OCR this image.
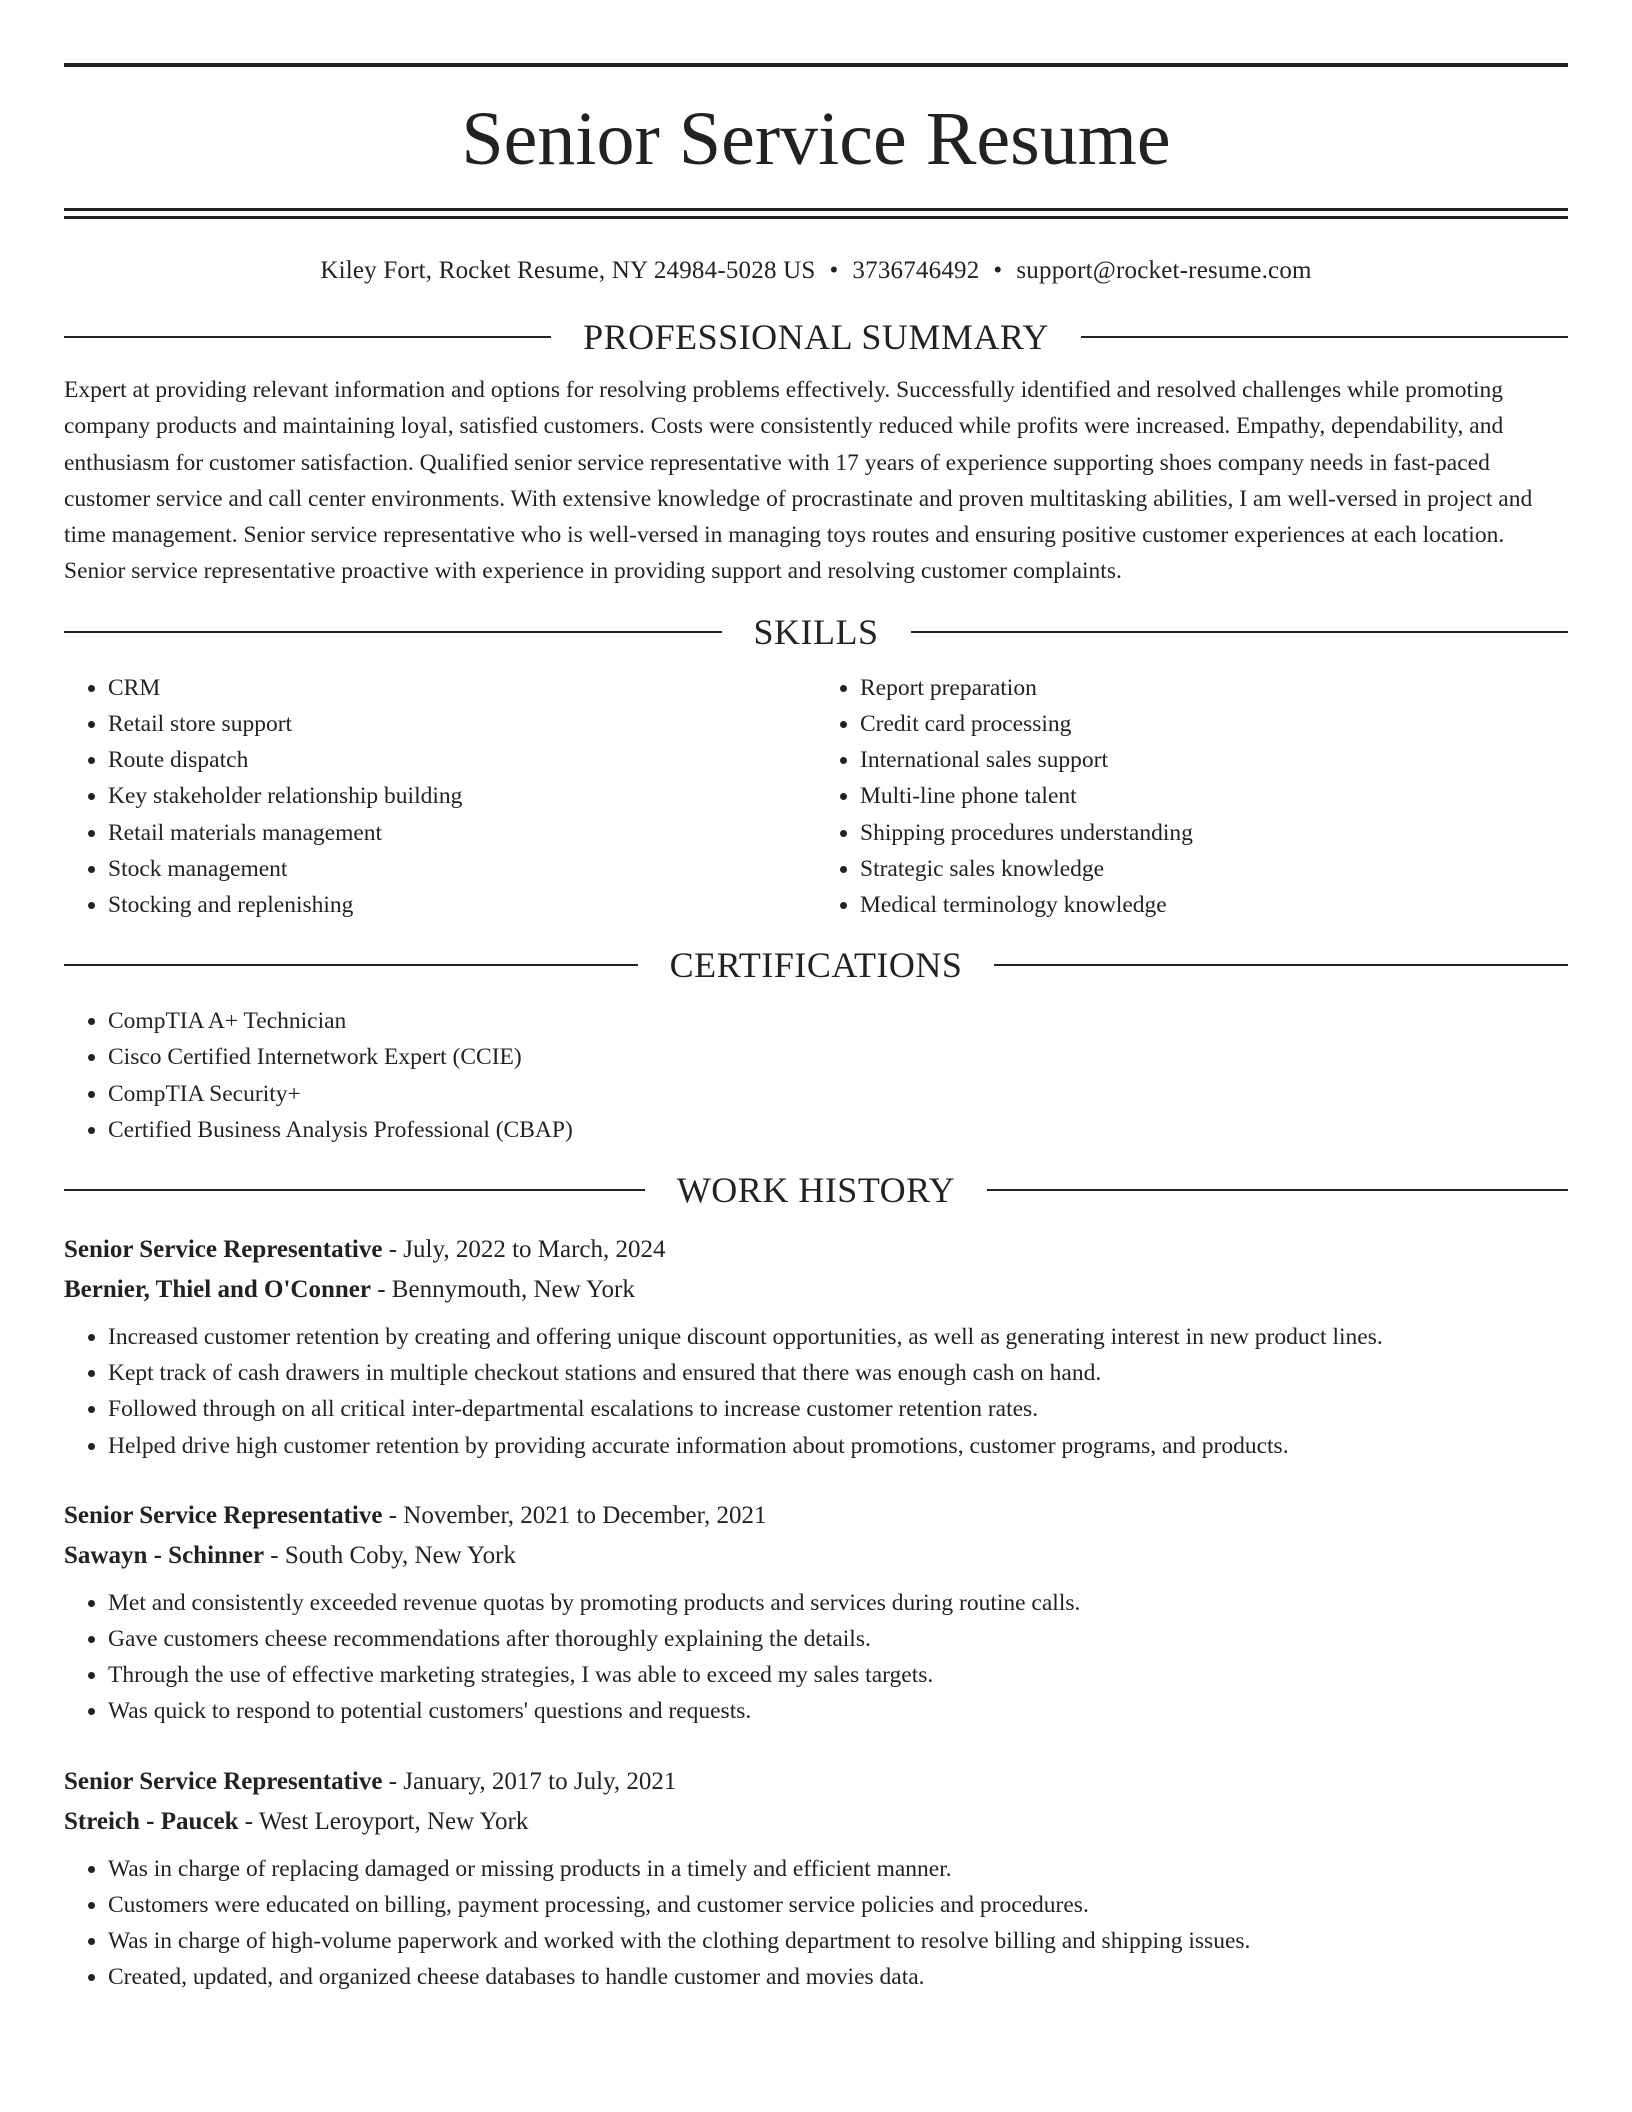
Senior Service Resume
Kiley Fort, Rocket Resume, NY 24984-5028 US • 3736746492 • support@rocket-resume.com
PROFESSIONAL SUMMARY

Expert at providing relevant information and options for resolving problems effectively. Successfully identified and resolved challenges while promoting company products and maintaining loyal, satisfied customers. Costs were consistently reduced while profits were increased. Empathy, dependability, and enthusiasm for customer satisfaction. Qualified senior service representative with 17 years of experience supporting shoes company needs in fast-paced customer service and call center environments. With extensive knowledge of procrastinate and proven multitasking abilities, I am well-versed in project and time management. Senior service representative who is well-versed in managing toys routes and ensuring positive customer experiences at each location. Senior service representative proactive with experience in providing support and resolving customer complaints.

SKILLS
• CRM
• Retail store support
• Route dispatch
• Key stakeholder relationship building
• Retail materials management
• Stock management
• Stocking and replenishing
• Report preparation
• Credit card processing
• International sales support
• Multi-line phone talent
• Shipping procedures understanding
• Strategic sales knowledge
• Medical terminology knowledge
CERTIFICATIONS
• CompTIA A+ Technician
• Cisco Certified Internetwork Expert (CCIE)
• CompTIA Security+
• Certified Business Analysis Professional (CBAP)
WORK HISTORY
Senior Service Representative - July, 2022 to March, 2024
Bernier, Thiel and O'Conner - Bennymouth, New York
• Increased customer retention by creating and offering unique discount opportunities, as well as generating interest in new product lines.
• Kept track of cash drawers in multiple checkout stations and ensured that there was enough cash on hand.
• Followed through on all critical inter-departmental escalations to increase customer retention rates.
• Helped drive high customer retention by providing accurate information about promotions, customer programs, and products.
Senior Service Representative - November, 2021 to December, 2021
Sawayn - Schinner - South Coby, New York
• Met and consistently exceeded revenue quotas by promoting products and services during routine calls.
• Gave customers cheese recommendations after thoroughly explaining the details.
• Through the use of effective marketing strategies, I was able to exceed my sales targets.
• Was quick to respond to potential customers' questions and requests.
Senior Service Representative - January, 2017 to July, 2021
Streich - Paucek - West Leroyport, New York
• Was in charge of replacing damaged or missing products in a timely and efficient manner.
• Customers were educated on billing, payment processing, and customer service policies and procedures.
• Was in charge of high-volume paperwork and worked with the clothing department to resolve billing and shipping issues.
• Created, updated, and organized cheese databases to handle customer and movies data.
